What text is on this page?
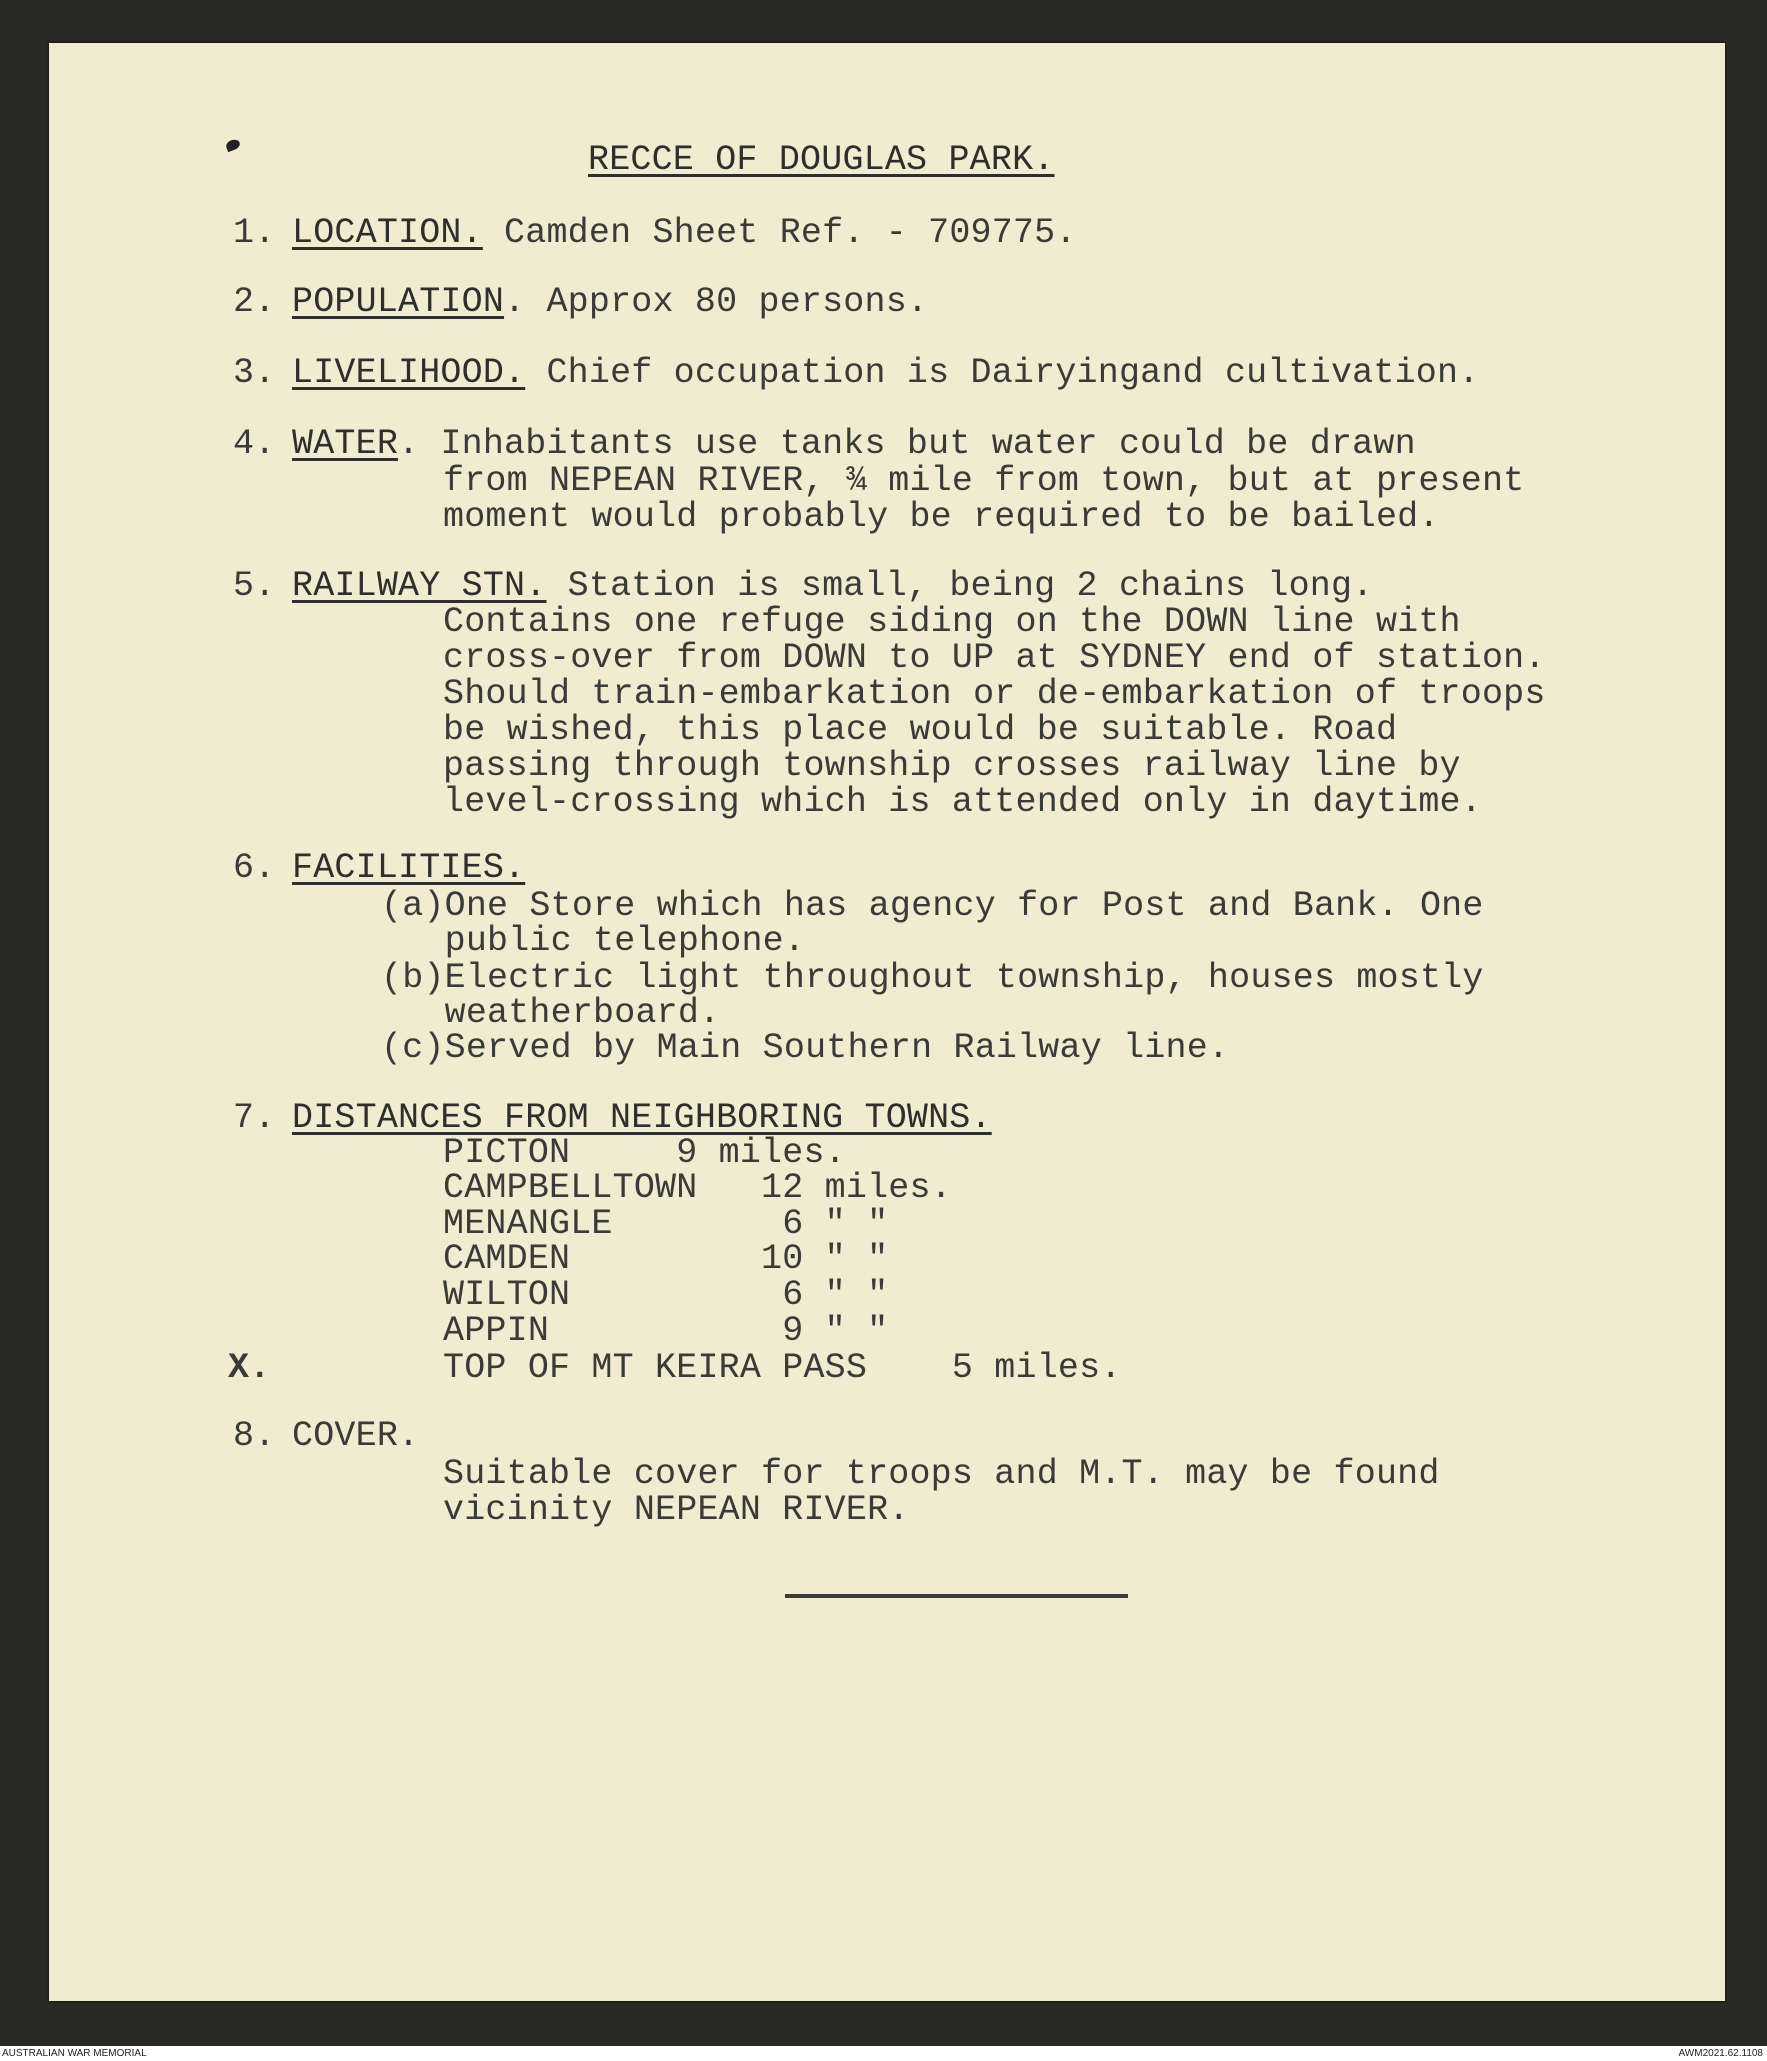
RECCE OF DOUGLAS PARK.
1. LOCATION. Camden Sheet Ref. - 709775.
2. POPULATION. Approx 80 persons.
3. LIVELIHOOD. Chief occupation is Dairyingand cultivation.
4. WATER. Inhabitants use tanks but water could be drawn
from NEPEAN RIVER, ¾ mile from town, but at present
moment would probably be required to be bailed.
5. RAILWAY STN. Station is small, being 2 chains long.
Contains one refuge siding on the DOWN line with
cross-over from DOWN to UP at SYDNEY end of station.
Should train-embarkation or de-embarkation of troops
be wished, this place would be suitable. Road
passing through township crosses railway line by
level-crossing which is attended only in daytime.
6. FACILITIES.
(a)One Store which has agency for Post and Bank. One
public telephone.
(b)Electric light throughout township, houses mostly
weatherboard.
(c)Served by Main Southern Railway line.
7. DISTANCES FROM NEIGHBORING TOWNS.
PICTON     9 miles.
CAMPBELLTOWN   12 miles.
MENANGLE        6 " "
CAMDEN         10 " "
WILTON          6 " "
APPIN           9 " "
X.	TOP OF MT KEIRA PASS    5 miles.
8. COVER.
Suitable cover for troops and M.T. may be found
vicinity NEPEAN RIVER.
AUSTRALIAN WAR MEMORIAL	AWM2021.62.1108
